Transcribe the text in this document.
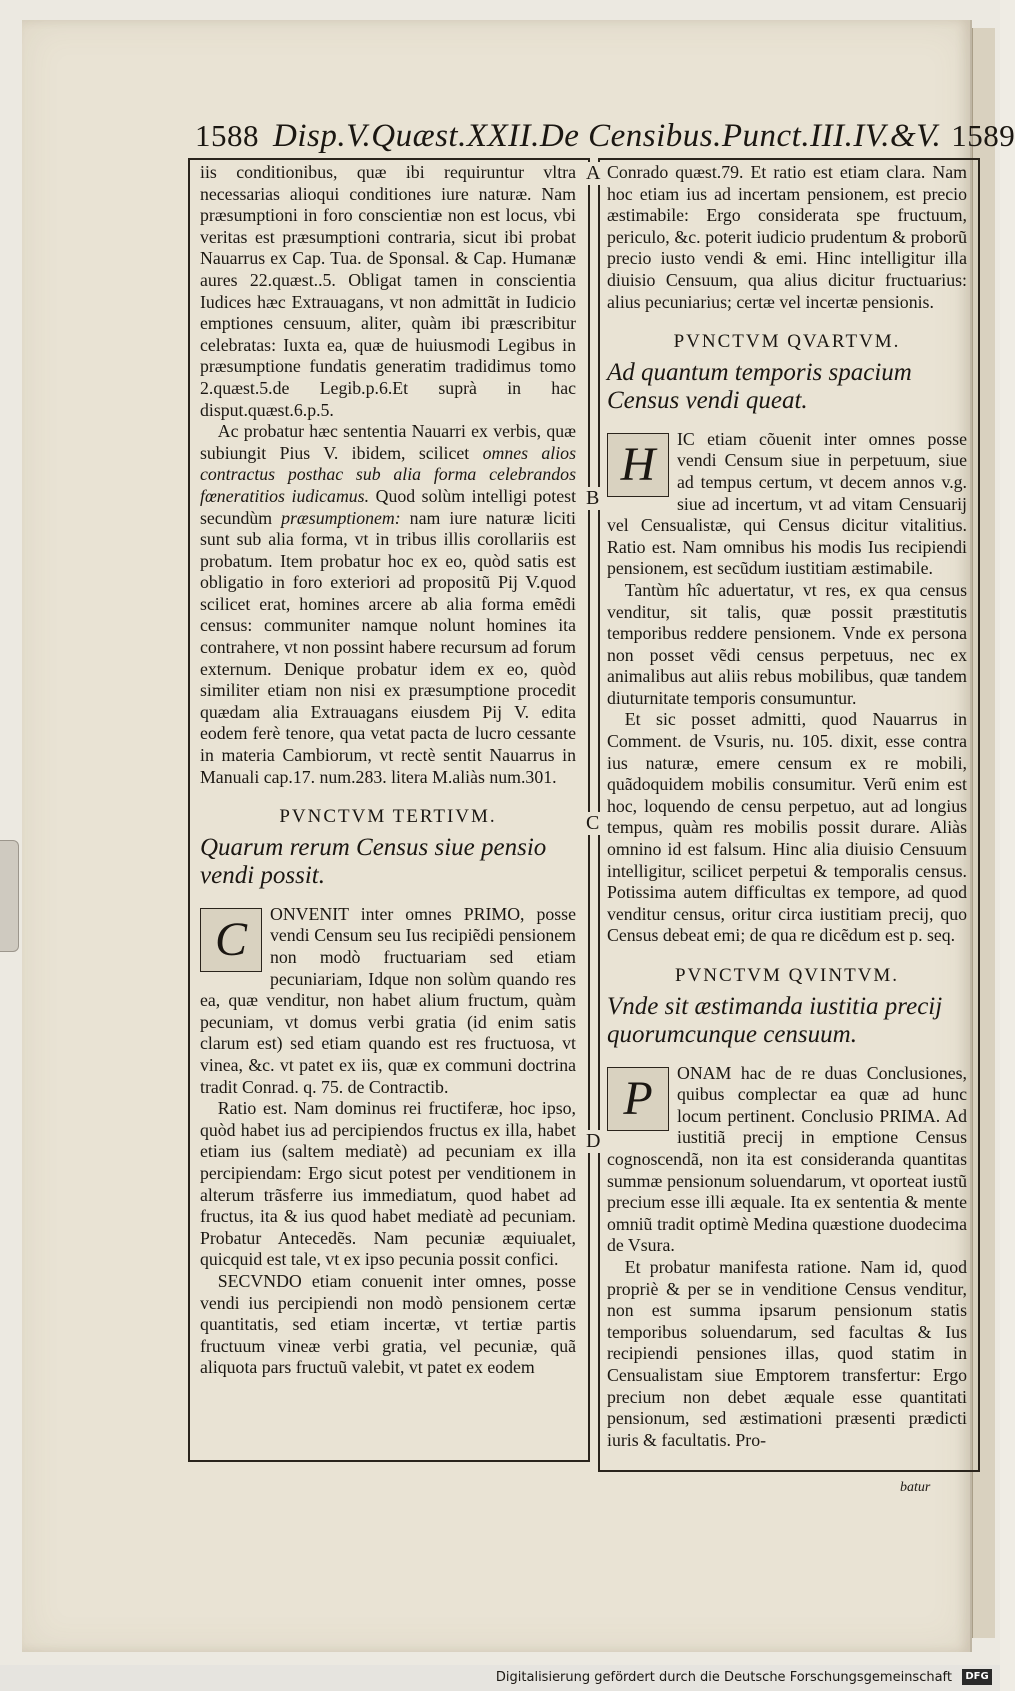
1588 Disp.V.Quæst.XXII.De Censibus.Punct.III.IV.&V. 1589
A
B
C
D

iis conditionibus, quæ ibi requiruntur vltra necessarias alioqui conditiones iure naturæ. Nam præsumptioni in foro conscientiæ non est locus, vbi veritas est præsumptioni contraria, sicut ibi probat Nauarrus ex Cap. Tua. de Sponsal. & Cap. Humanæ aures 22.quæst..5. Obligat tamen in conscientia Iudices hæc Extrauagans, vt non admittãt in Iudicio emptiones censuum, aliter, quàm ibi præscribitur celebratas: Iuxta ea, quæ de huiusmodi Legibus in præsumptione fundatis generatim tradidimus tomo 2.quæst.5.de Legib.p.6.Et suprà in hac disput.quæst.6.p.5.

 Ac probatur hæc sententia Nauarri ex verbis, quæ subiungit Pius V. ibidem, scilicet omnes alios contractus posthac sub alia forma celebrandos fœneratitios iudicamus. Quod solùm intelligi potest secundùm præsumptionem: nam iure naturæ liciti sunt sub alia forma, vt in tribus illis corollariis est probatum. Item probatur hoc ex eo, quòd satis est obligatio in foro exteriori ad propositũ Pij V.quod scilicet erat, homines arcere ab alia forma emẽdi census: communiter namque nolunt homines ita contrahere, vt non possint habere recursum ad forum externum. Denique probatur idem ex eo, quòd similiter etiam non nisi ex præsumptione procedit quædam alia Extrauagans eiusdem Pij V. edita eodem ferè tenore, qua vetat pacta de lucro cessante in materia Cambiorum, vt rectè sentit Nauarrus in Manuali cap.17. num.283. litera M.aliàs num.301.

PVNCTVM TERTIVM.

Quarum rerum Census siue pensio vendi possit.

C	ONVENIT inter omnes PRIMO, posse vendi Censum seu Ius recipiẽdi pensionem non modò fructuariam sed etiam pecuniariam, Idque non solùm quando res ea, quæ venditur, non habet alium fructum, quàm pecuniam, vt domus verbi gratia (id enim satis clarum est) sed etiam quando est res fructuosa, vt vinea, &c. vt patet ex iis, quæ ex communi doctrina tradit Conrad. q. 75. de Contractib.

 Ratio est. Nam dominus rei fructiferæ, hoc ipso, quòd habet ius ad percipiendos fructus ex illa, habet etiam ius (saltem mediatè) ad pecuniam ex illa percipiendam: Ergo sicut potest per venditionem in alterum trãsferre ius immediatum, quod habet ad fructus, ita & ius quod habet mediatè ad pecuniam. Probatur Antecedẽs. Nam pecuniæ æquiualet, quicquid est tale, vt ex ipso pecunia possit confici.

 SECVNDO etiam conuenit inter omnes, posse vendi ius percipiendi non modò pensionem certæ quantitatis, sed etiam incertæ, vt tertiæ partis fructuum vineæ verbi gratia, vel pecuniæ, quã aliquota pars fructuũ valebit, vt patet ex eodem

Conrado quæst.79. Et ratio est etiam clara. Nam hoc etiam ius ad incertam pensionem, est precio æstimabile: Ergo considerata spe fructuum, periculo, &c. poterit iudicio prudentum & proborũ precio iusto vendi & emi. Hinc intelligitur illa diuisio Censuum, qua alius dicitur fructuarius: alius pecuniarius; certæ vel incertæ pensionis.

PVNCTVM QVARTVM.

Ad quantum temporis spacium Census vendi queat.

H	IC etiam cõuenit inter omnes posse vendi Censum siue in perpetuum, siue ad tempus certum, vt decem annos v.g. siue ad incertum, vt ad vitam Censuarij vel Censualistæ, qui Census dicitur vitalitius. Ratio est. Nam omnibus his modis Ius recipiendi pensionem, est secũdum iustitiam æstimabile.

 Tantùm hîc aduertatur, vt res, ex qua census venditur, sit talis, quæ possit præstitutis temporibus reddere pensionem. Vnde ex persona non posset vẽdi census perpetuus, nec ex animalibus aut aliis rebus mobilibus, quæ tandem diuturnitate temporis consumuntur.

 Et sic posset admitti, quod Nauarrus in Comment. de Vsuris, nu. 105. dixit, esse contra ius naturæ, emere censum ex re mobili, quãdoquidem mobilis consumitur. Verũ enim est hoc, loquendo de censu perpetuo, aut ad longius tempus, quàm res mobilis possit durare. Aliàs omnino id est falsum. Hinc alia diuisio Censuum intelligitur, scilicet perpetui & temporalis census. Potissima autem difficultas ex tempore, ad quod venditur census, oritur circa iustitiam precij, quo Census debeat emi; de qua re dicẽdum est p. seq.

PVNCTVM QVINTVM.

Vnde sit æstimanda iustitia precij quorumcunque censuum.

P	ONAM hac de re duas Conclusiones, quibus complectar ea quæ ad hunc locum pertinent. Conclusio PRIMA. Ad iustitiã precij in emptione Census cognoscendã, non ita est consideranda quantitas summæ pensionum soluendarum, vt oporteat iustũ precium esse illi æquale. Ita ex sententia & mente omniũ tradit optimè Medina quæstione duodecima de Vsura.

 Et probatur manifesta ratione. Nam id, quod propriè & per se in venditione Census venditur, non est summa ipsarum pensionum statis temporibus soluendarum, sed facultas & Ius recipiendi pensiones illas, quod statim in Censualistam siue Emptorem transfertur: Ergo precium non debet æquale esse quantitati pensionum, sed æstimationi præsenti prædicti iuris & facultatis. Pro-

batur
Digitalisierung gefördert durch die Deutsche Forschungsgemeinschaft	DFG
